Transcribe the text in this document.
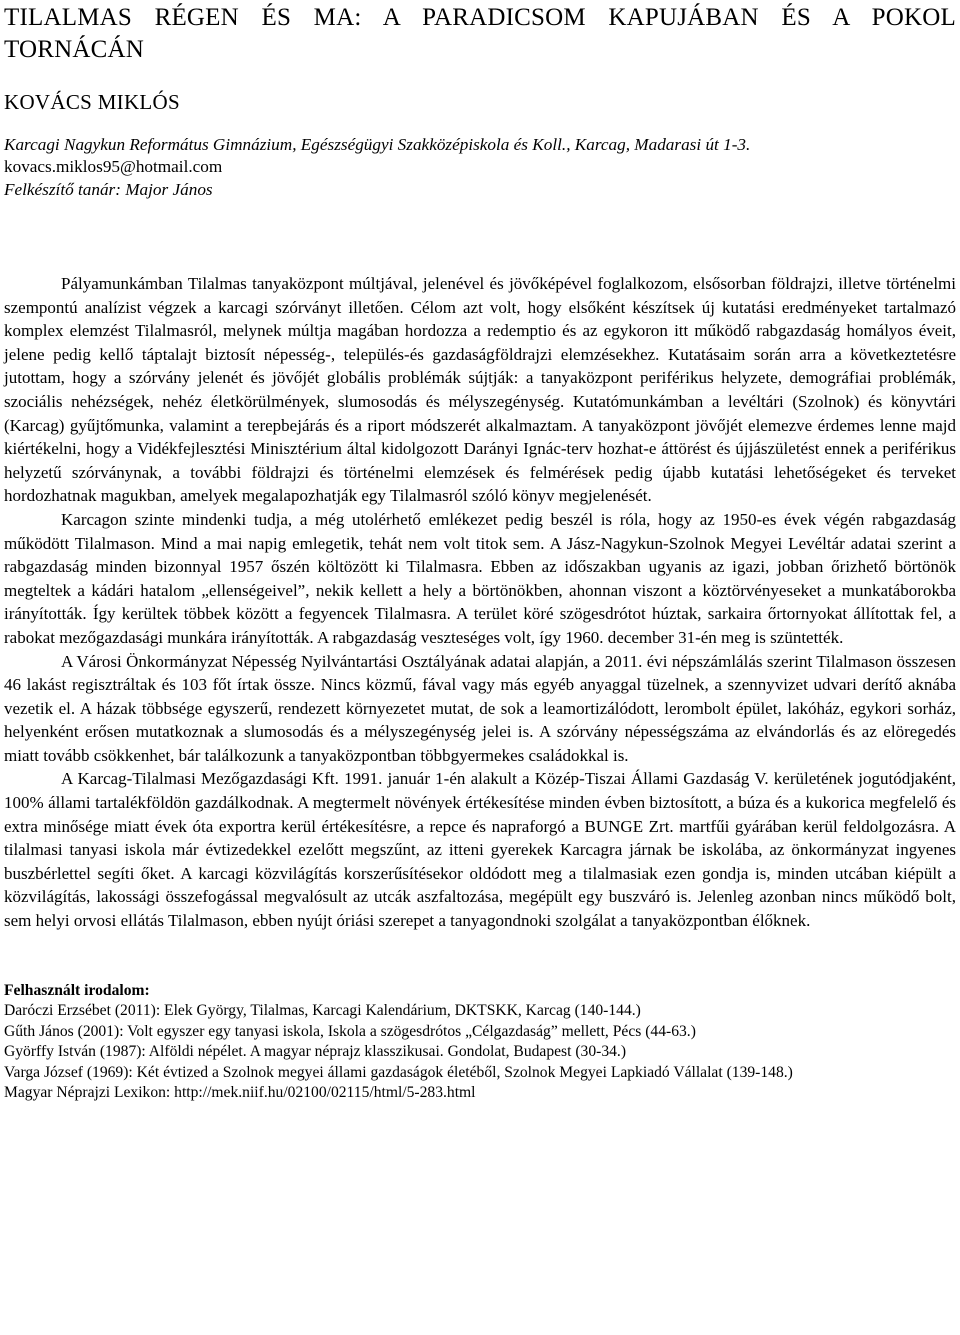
TILALMAS RÉGEN ÉS MA: A PARADICSOM KAPUJÁBAN ÉS A POKOL TORNÁCÁN
KOVÁCS MIKLÓS
Karcagi Nagykun Református Gimnázium, Egészségügyi Szakközépiskola és Koll., Karcag, Madarasi út 1-3.
kovacs.miklos95@hotmail.com
Felkészítő tanár: Major János

Pályamunkámban Tilalmas tanyaközpont múltjával, jelenével és jövőképével foglalkozom, elsősorban földrajzi, illetve történelmi szempontú analízist végzek a karcagi szórványt illetően. Célom azt volt, hogy elsőként készítsek új kutatási eredményeket tartalmazó komplex elemzést Tilalmasról, melynek múltja magában hordozza a redemptio és az egykoron itt működő rabgazdaság homályos éveit, jelene pedig kellő táptalajt biztosít népesség-, település-és gazdaságföldrajzi elemzésekhez. Kutatásaim során arra a következtetésre jutottam, hogy a szórvány jelenét és jövőjét globális problémák sújtják: a tanyaközpont periférikus helyzete, demográfiai problémák, szociális nehézségek, nehéz életkörülmények, slumosodás és mélyszegénység. Kutatómunkámban a levéltári (Szolnok) és könyvtári (Karcag) gyűjtőmunka, valamint a terepbejárás és a riport módszerét alkalmaztam. A tanyaközpont jövőjét elemezve érdemes lenne majd kiértékelni, hogy a Vidékfejlesztési Minisztérium által kidolgozott Darányi Ignác-terv hozhat-e áttörést és újjászületést ennek a periférikus helyzetű szórványnak, a további földrajzi és történelmi elemzések és felmérések pedig újabb kutatási lehetőségeket és terveket hordozhatnak magukban, amelyek megalapozhatják egy Tilalmasról szóló könyv megjelenését.

Karcagon szinte mindenki tudja, a még utolérhető emlékezet pedig beszél is róla, hogy az 1950-es évek végén rabgazdaság működött Tilalmason. Mind a mai napig emlegetik, tehát nem volt titok sem. A Jász-Nagykun-Szolnok Megyei Levéltár adatai szerint a rabgazdaság minden bizonnyal 1957 őszén költözött ki Tilalmasra. Ebben az időszakban ugyanis az igazi, jobban őrizhető börtönök megteltek a kádári hatalom „ellenségeivel”, nekik kellett a hely a börtönökben, ahonnan viszont a köztörvényeseket a munkatáborokba irányították. Így kerültek többek között a fegyencek Tilalmasra. A terület köré szögesdrótot húztak, sarkaira őrtornyokat állítottak fel, a rabokat mezőgazdasági munkára irányították. A rabgazdaság veszteséges volt, így 1960. december 31-én meg is szüntették.

A Városi Önkormányzat Népesség Nyilvántartási Osztályának adatai alapján, a 2011. évi népszámlálás szerint Tilalmason összesen 46 lakást regisztráltak és 103 főt írtak össze. Nincs közmű, fával vagy más egyéb anyaggal tüzelnek, a szennyvizet udvari derítő aknába vezetik el. A házak többsége egyszerű, rendezett környezetet mutat, de sok a leamortizálódott, lerombolt épület, lakóház, egykori sorház, helyenként erősen mutatkoznak a slumosodás és a mélyszegénység jelei is. A szórvány népességszáma az elvándorlás és az elöregedés miatt tovább csökkenhet, bár találkozunk a tanyaközpontban többgyermekes családokkal is.

A Karcag-Tilalmasi Mezőgazdasági Kft. 1991. január 1-én alakult a Közép-Tiszai Állami Gazdaság V. kerületének jogutódjaként, 100% állami tartalékföldön gazdálkodnak. A megtermelt növények értékesítése minden évben biztosított, a búza és a kukorica megfelelő és extra minősége miatt évek óta exportra kerül értékesítésre, a repce és napraforgó a BUNGE Zrt. martfűi gyárában kerül feldolgozásra. A tilalmasi tanyasi iskola már évtizedekkel ezelőtt megszűnt, az itteni gyerekek Karcagra járnak be iskolába, az önkormányzat ingyenes buszbérlettel segíti őket. A karcagi közvilágítás korszerűsítésekor oldódott meg a tilalmasiak ezen gondja is, minden utcában kiépült a közvilágítás, lakossági összefogással megvalósult az utcák aszfaltozása, megépült egy buszváró is. Jelenleg azonban nincs működő bolt, sem helyi orvosi ellátás Tilalmason, ebben nyújt óriási szerepet a tanyagondnoki szolgálat a tanyaközpontban élőknek.

Felhasznált irodalom:

Daróczi Erzsébet (2011): Elek György, Tilalmas, Karcagi Kalendárium, DKTSKK, Karcag (140-144.)

Gűth János (2001): Volt egyszer egy tanyasi iskola, Iskola a szögesdrótos „Célgazdaság” mellett, Pécs (44-63.)

Györffy István (1987): Alföldi népélet. A magyar néprajz klasszikusai. Gondolat, Budapest (30-34.)

Varga József (1969): Két évtized a Szolnok megyei állami gazdaságok életéből, Szolnok Megyei Lapkiadó Vállalat (139-148.)

Magyar Néprajzi Lexikon: http://mek.niif.hu/02100/02115/html/5-283.html
